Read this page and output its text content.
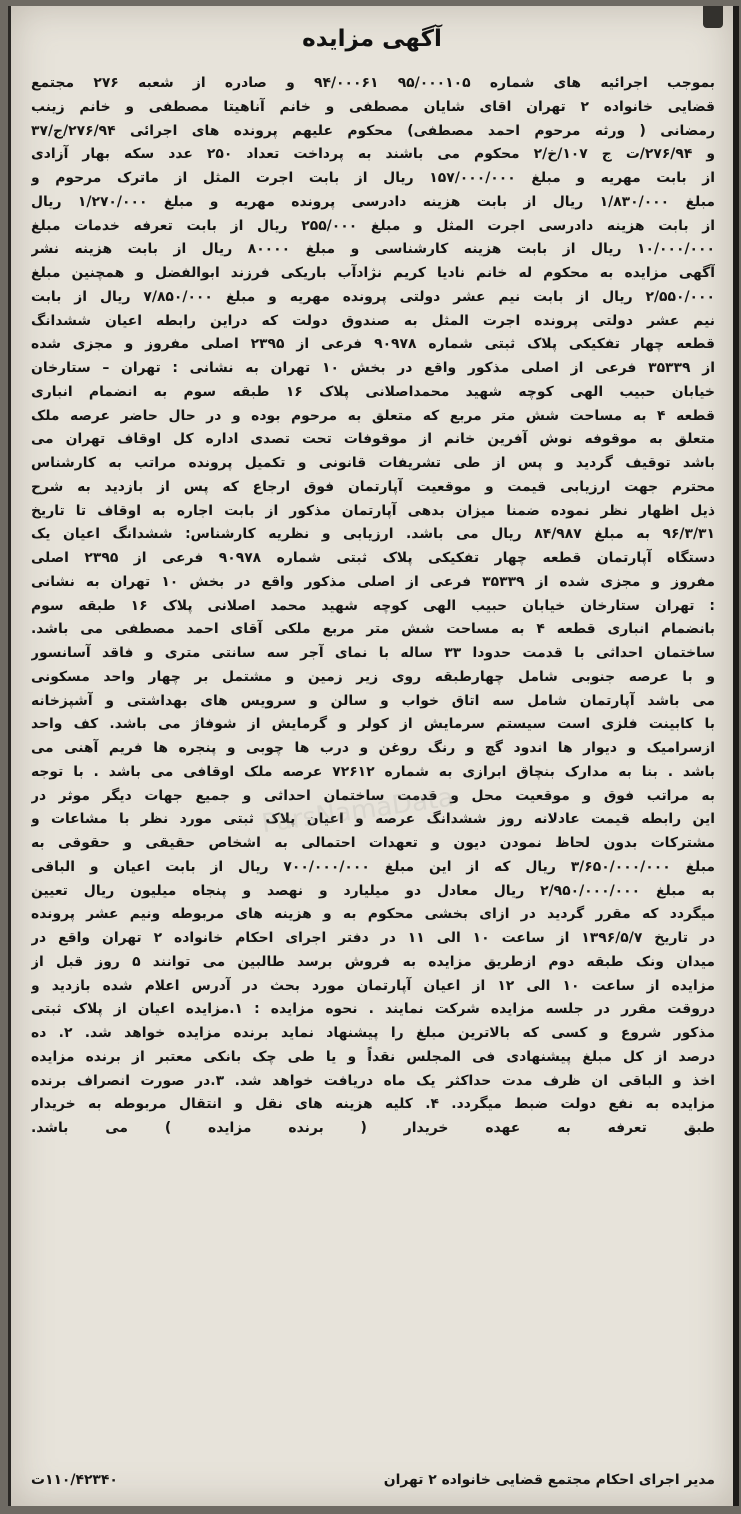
آگهی مزایده
بموجب اجرائیه های شماره ۹۵/۰۰۰۱۰۵ ۹۴/۰۰۰۶۱ و صادره از شعبه ۲۷۶ مجتمع
قضایی خانواده ۲ تهران اقای شایان مصطفی و خانم آناهیتا مصطفی و خانم زینب
رمضانی ( ورثه مرحوم احمد مصطفی) محکوم علیهم پرونده های اجرائی ۲۷۶/۹۴/ج/۳۷
و ۲۷۶/۹۴/ت ج ۱۰۷/خ/۲ محکوم می باشند به پرداخت تعداد ۲۵۰ عدد سکه بهار آزادی
از بابت مهریه و مبلغ ۱۵۷/۰۰۰/۰۰۰ ریال از بابت اجرت المثل از ماترک مرحوم و
مبلغ ۱/۸۳۰/۰۰۰ ریال از بابت هزینه دادرسی پرونده مهریه و مبلغ ۱/۲۷۰/۰۰۰ ریال
از بابت هزینه دادرسی اجرت المثل و مبلغ ۲۵۵/۰۰۰ ریال از بابت تعرفه خدمات مبلغ
۱۰/۰۰۰/۰۰۰ ریال از بابت هزینه کارشناسی و مبلغ ۸۰۰۰۰ ریال از بابت هزینه نشر
آگهی مزایده به محکوم له خانم نادیا کریم نژادآب باریکی فرزند ابوالفضل و همچنین مبلغ
۲/۵۵۰/۰۰۰ ریال از بابت نیم عشر دولتی پرونده مهریه و مبلغ ۷/۸۵۰/۰۰۰ ریال از بابت
نیم عشر دولتی پرونده اجرت المثل به صندوق دولت که دراین رابطه اعیان ششدانگ
قطعه چهار تفکیکی پلاک ثبتی شماره ۹۰۹۷۸ فرعی از ۲۳۹۵ اصلی مفروز و مجزی شده
از ۳۵۳۳۹ فرعی از اصلی مذکور واقع در بخش ۱۰ تهران به نشانی : تهران – ستارخان
خیابان حبیب الهی کوچه شهید محمداصلانی پلاک ۱۶ طبقه سوم به انضمام انباری
قطعه ۴ به مساحت شش متر مربع که متعلق به مرحوم بوده و در حال حاضر عرصه ملک
متعلق به موقوفه نوش آفرین خانم از موقوفات تحت تصدی اداره کل اوقاف تهران می
باشد توقیف گردید و پس از طی تشریفات قانونی و تکمیل پرونده مراتب به کارشناس
محترم جهت ارزیابی قیمت و موقعیت آپارتمان فوق ارجاع که پس از بازدید به شرح
ذیل اظهار نظر نموده ضمنا میزان بدهی آپارتمان مذکور از بابت اجاره به اوقاف تا تاریخ
۹۶/۳/۳۱ به مبلغ ۸۴/۹۸۷ ریال می باشد. ارزیابی و نظریه کارشناس: ششدانگ اعیان یک
دستگاه آپارتمان قطعه چهار تفکیکی پلاک ثبتی شماره ۹۰۹۷۸ فرعی از ۲۳۹۵ اصلی
مفروز و مجزی شده از ۳۵۳۳۹ فرعی از اصلی مذکور واقع در بخش ۱۰ تهران به نشانی
: تهران ستارخان خیابان حبیب الهی کوچه شهید محمد اصلانی پلاک ۱۶ طبقه سوم
بانضمام انباری قطعه ۴ به مساحت شش متر مربع ملکی آقای احمد مصطفی می باشد.
ساختمان احداثی با قدمت حدودا ۳۳ ساله با نمای آجر سه سانتی متری و فاقد آسانسور
و با عرصه جنوبی شامل چهارطبقه روی زیر زمین و مشتمل بر چهار واحد مسکونی
می باشد آپارتمان شامل سه اتاق خواب و سالن و سرویس های بهداشتی و آشپزخانه
با کابینت فلزی است سیستم سرمایش از کولر و گرمایش از شوفاژ می باشد. کف واحد
ازسرامیک و دیوار ها اندود گچ و رنگ روغن و درب ها چوبی و پنجره ها فریم آهنی می
باشد . بنا به مدارک بنچاق ابرازی به شماره ۷۲۶۱۲ عرصه ملک اوقافی می باشد . با توجه
به مراتب فوق و موقعیت محل و قدمت ساختمان احداثی و جمیع جهات دیگر موثر در
این رابطه قیمت عادلانه روز ششدانگ عرصه و اعیان پلاک ثبتی مورد نظر با مشاعات و
مشترکات بدون لحاظ نمودن دیون و تعهدات احتمالی به اشخاص حقیقی و حقوقی به
مبلغ ۳/۶۵۰/۰۰۰/۰۰۰ ریال که از این مبلغ ۷۰۰/۰۰۰/۰۰۰ ریال از بابت اعیان و الباقی
به مبلغ ۲/۹۵۰/۰۰۰/۰۰۰ ریال معادل دو میلیارد و نهصد و پنجاه میلیون ریال تعیین
میگردد که مقرر گردید در ازای بخشی محکوم به و هزینه های مربوطه ونیم عشر پرونده
در تاریخ ۱۳۹۶/۵/۷ از ساعت ۱۰ الی ۱۱ در دفتر اجرای احکام خانواده ۲ تهران واقع در
میدان ونک طبقه دوم ازطریق مزایده به فروش برسد طالبین می توانند ۵ روز قبل از
مزایده از ساعت ۱۰ الی ۱۲ از اعیان آپارتمان مورد بحث در آدرس اعلام شده بازدید و
دروقت مقرر در جلسه مزایده شرکت نمایند . نحوه مزایده : ۱.مزایده اعیان از پلاک ثبتی
مذکور شروع و کسی که بالاترین مبلغ را پیشنهاد نماید برنده مزایده خواهد شد. ۲. ده
درصد از کل مبلغ پیشنهادی فی المجلس نقداً و یا طی چک بانکی معتبر از برنده مزایده
اخذ و الباقی ان ظرف مدت حداکثر یک ماه دریافت خواهد شد. ۳.در صورت انصراف برنده
مزایده به نفع دولت ضبط میگردد. ۴. کلیه هزینه های نقل و انتقال مربوطه به خریدار
طبق تعرفه به عهده خریدار ( برنده مزایده ) می باشد.
ParsNamaData
مدیر اجرای احکام مجتمع قضایی خانواده ۲ تهران
۱۱۰/۴۲۳۴۰ت
